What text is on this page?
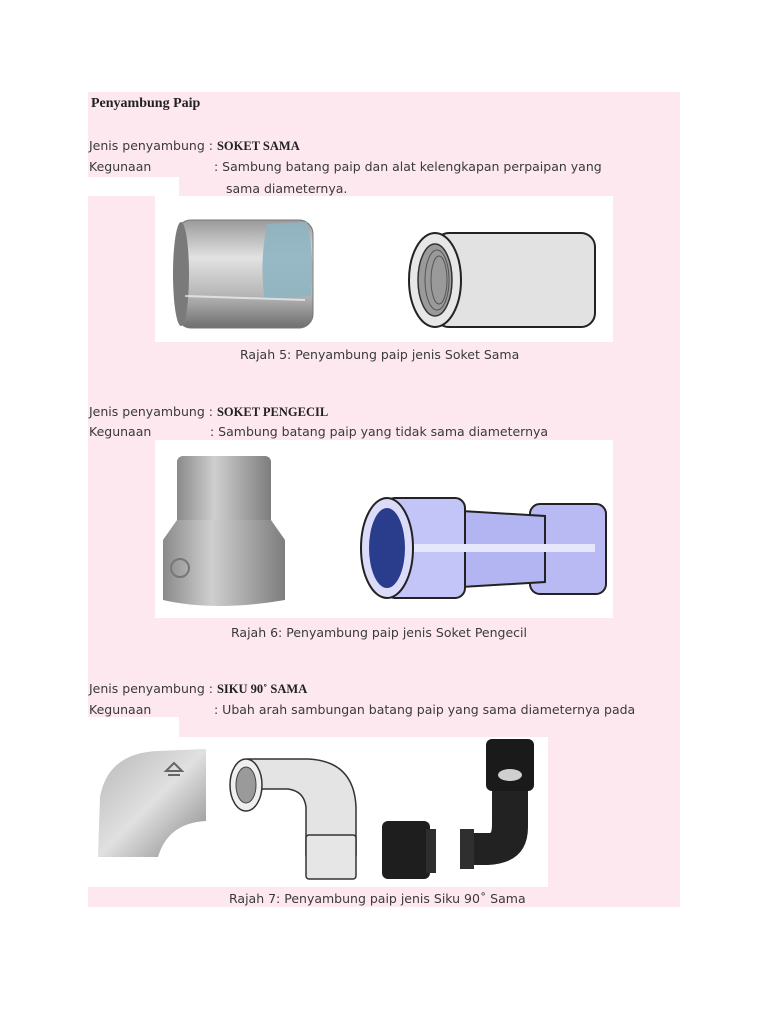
Penyambung Paip
Jenis penyambung : SOKET SAMA
Kegunaan	: Sambung batang paip dan alat kelengkapan perpaipan yang
sama diameternya.
Rajah 5: Penyambung paip jenis Soket Sama
Jenis penyambung : SOKET PENGECIL
Kegunaan	: Sambung batang paip yang tidak sama diameternya
Rajah 6: Penyambung paip jenis Soket Pengecil
Jenis penyambung : SIKU 90˚ SAMA
Kegunaan	: Ubah arah sambungan batang paip yang sama diameternya pada
Rajah 7: Penyambung paip jenis Siku 90˚ Sama
